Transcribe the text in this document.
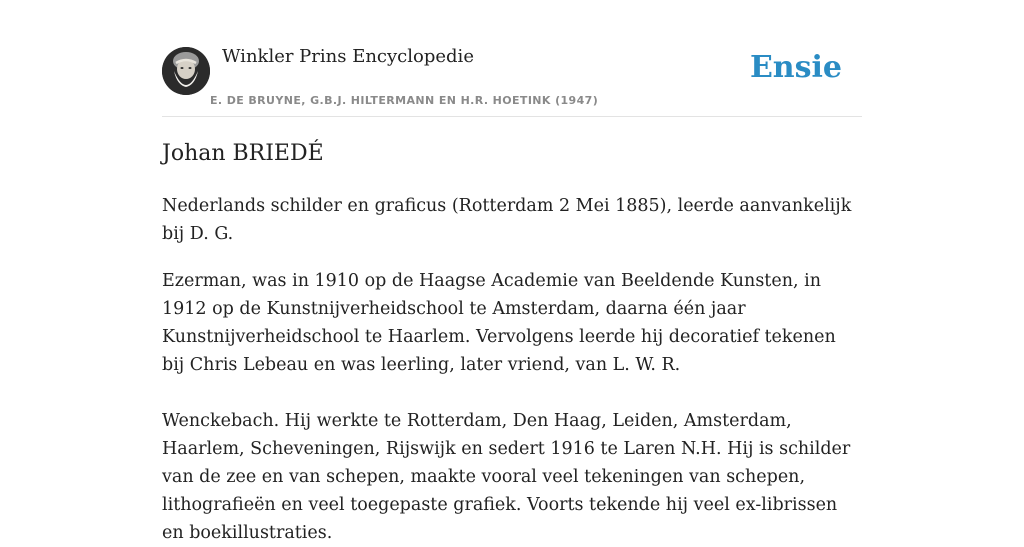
Winkler Prins Encyclopedie
E. DE BRUYNE, G.B.J. HILTERMANN EN H.R. HOETINK (1947)
Ensie
Johan BRIEDÉ

Nederlands schilder en graficus (Rotterdam 2 Mei 1885), leerde aanvankelijk bij D. G.

Ezerman, was in 1910 op de Haagse Academie van Beeldende Kunsten, in 1912 op de Kunstnijverheidschool te Amsterdam, daarna één jaar Kunstnijverheidschool te Haarlem. Vervolgens leerde hij decoratief tekenen bij Chris Lebeau en was leerling, later vriend, van L. W. R.

Wenckebach. Hij werkte te Rotterdam, Den Haag, Leiden, Amsterdam, Haarlem, Scheveningen, Rijswijk en sedert 1916 te Laren N.H. Hij is schilder van de zee en van schepen, maakte vooral veel tekeningen van schepen, lithografieën en veel toegepaste grafiek. Voorts tekende hij veel ex-librissen en boekillustraties.
